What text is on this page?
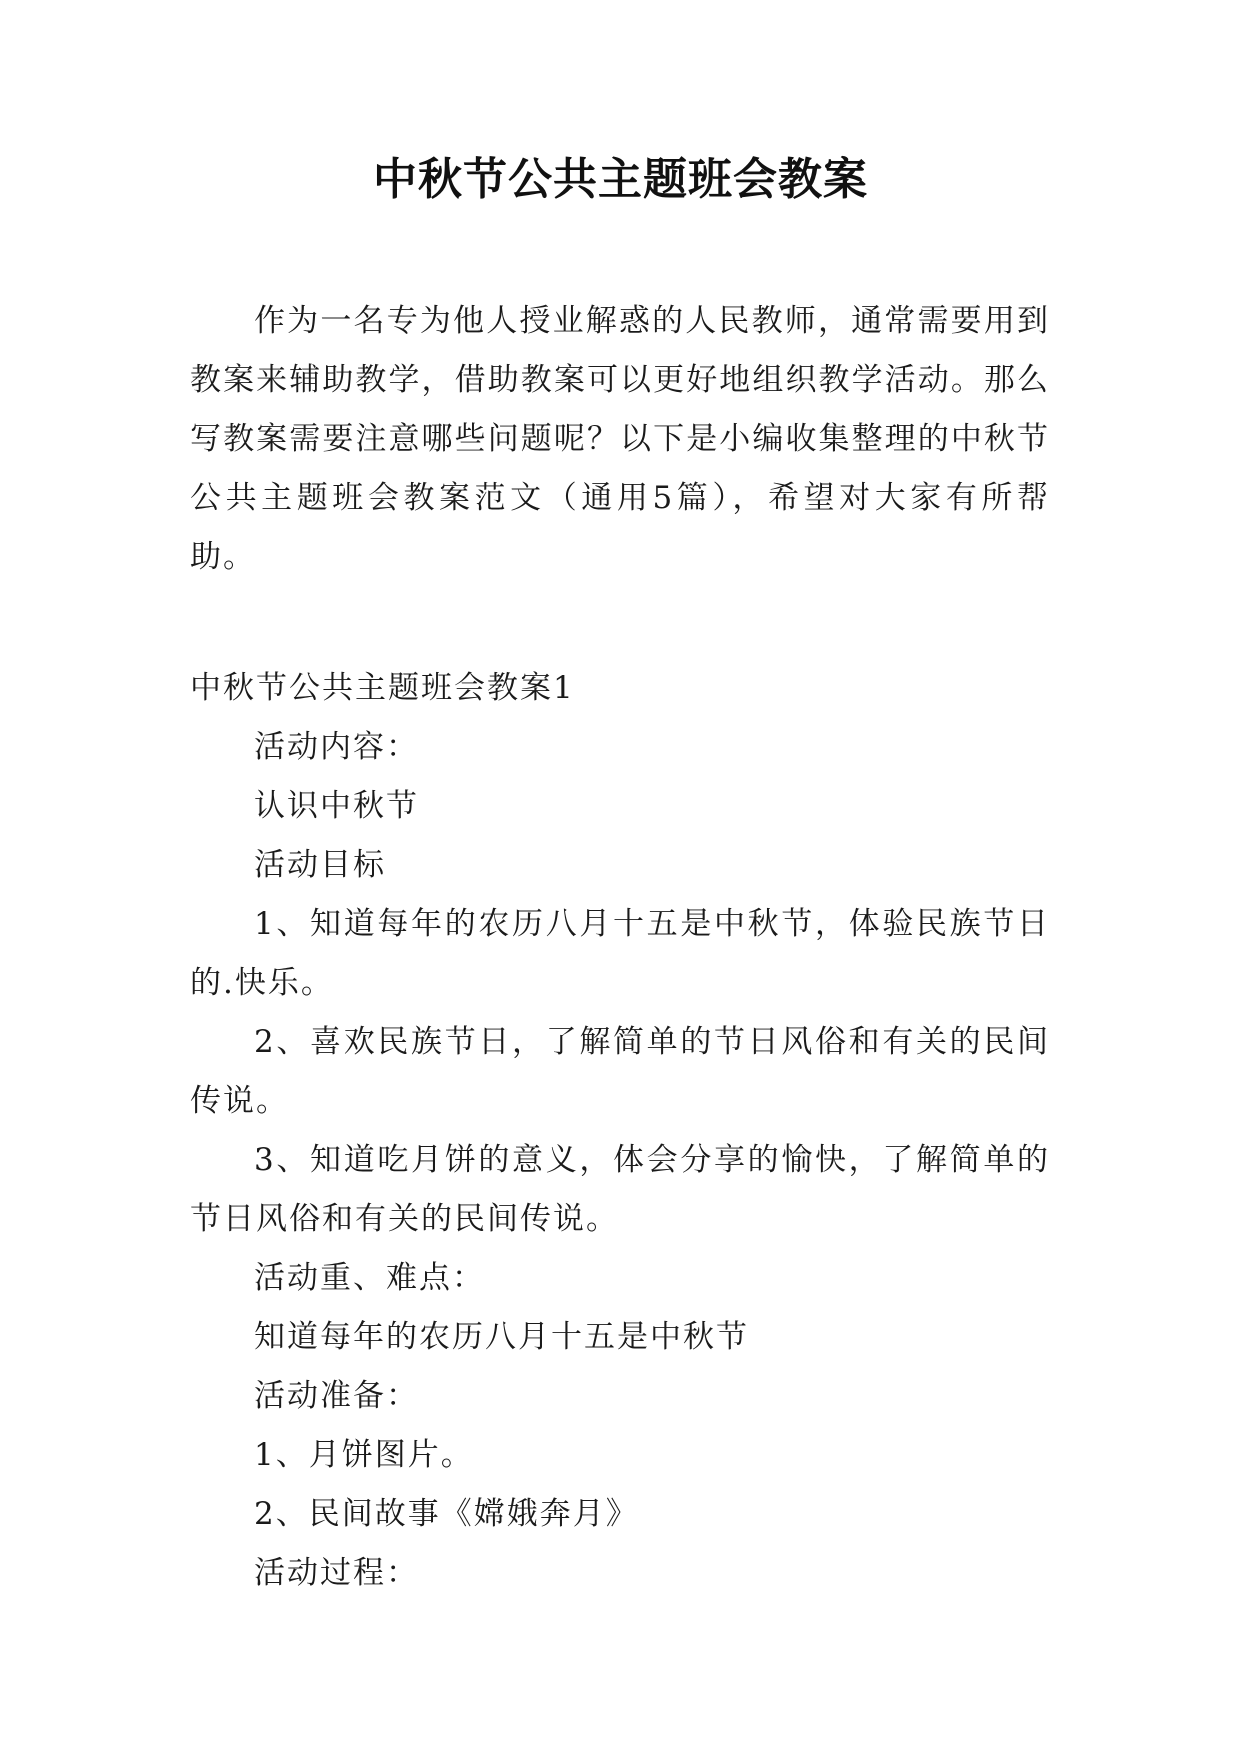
中秋节公共主题班会教案

作为一名专为他人授业解惑的人民教师，通常需要用到教案来辅助教学，借助教案可以更好地组织教学活动。那么写教案需要注意哪些问题呢？以下是小编收集整理的中秋节公共主题班会教案范文（通用5篇），希望对大家有所帮助。

中秋节公共主题班会教案1

活动内容：

认识中秋节

活动目标

1、知道每年的农历八月十五是中秋节，体验民族节日的.快乐。

2、喜欢民族节日，了解简单的节日风俗和有关的民间传说。

3、知道吃月饼的意义，体会分享的愉快，了解简单的节日风俗和有关的民间传说。

活动重、难点：

知道每年的农历八月十五是中秋节

活动准备：

1、月饼图片。

2、民间故事《嫦娥奔月》

活动过程：
